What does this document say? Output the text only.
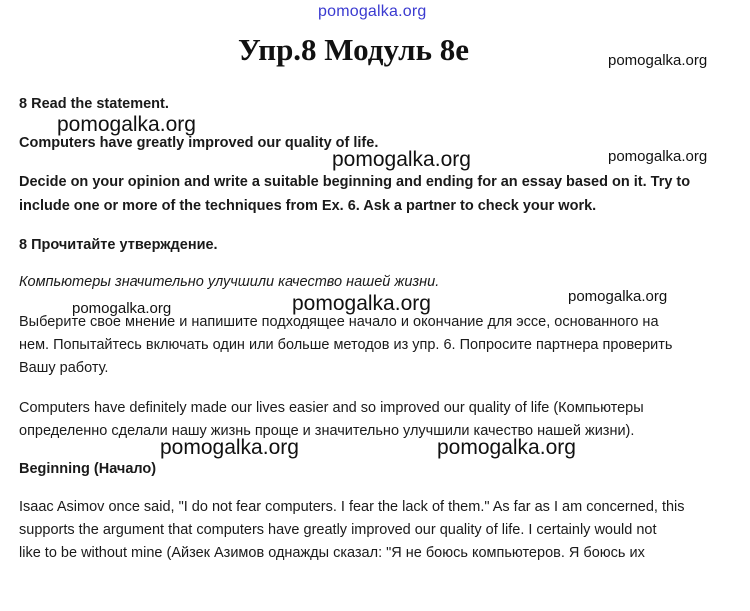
pomogalka.org
Упр.8 Модуль 8е
8 Read the statement.
Computers have greatly improved our quality of life.
Decide on your opinion and write a suitable beginning and ending for an essay based on it. Try to
include one or more of the techniques from Ex. 6. Ask a partner to check your work.
8 Прочитайте утверждение.
Компьютеры значительно улучшили качество нашей жизни.
Выберите свое мнение и напишите подходящее начало и окончание для эссе, основанного на
нем. Попытайтесь включать один или больше методов из упр. 6. Попросите партнера проверить
Вашу работу.
Computers have definitely made our lives easier and so improved our quality of life (Компьютеры
определенно сделали нашу жизнь проще и значительно улучшили качество нашей жизни).
Beginning (Начало)
Isaac Asimov once said, "I do not fear computers. I fear the lack of them." As far as I am concerned, this
supports the argument that computers have greatly improved our quality of life. I certainly would not
like to be without mine (Айзек Азимов однажды сказал: "Я не боюсь компьютеров. Я боюсь их
pomogalka.org
pomogalka.org
pomogalka.org
pomogalka.org
pomogalka.org
pomogalka.org
pomogalka.org
pomogalka.org	pomogalka.org
